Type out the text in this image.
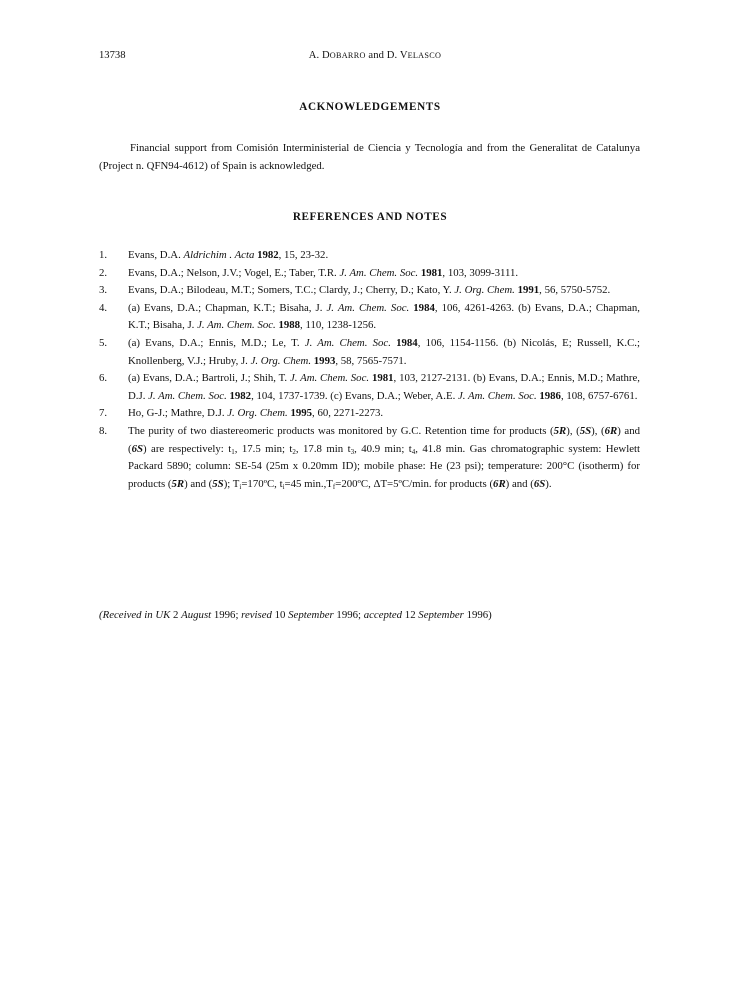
13738	A. DOBARRO and D. VELASCO
ACKNOWLEDGEMENTS

Financial support from Comisión Interministerial de Ciencia y Tecnología and from the Generalitat de Catalunya (Project n. QFN94-4612) of Spain is acknowledged.

REFERENCES AND NOTES
1. Evans, D.A. Aldrichim . Acta 1982, 15, 23-32.
2. Evans, D.A.; Nelson, J.V.; Vogel, E.; Taber, T.R. J. Am. Chem. Soc. 1981, 103, 3099-3111.
3. Evans, D.A.; Bilodeau, M.T.; Somers, T.C.; Clardy, J.; Cherry, D.; Kato, Y. J. Org. Chem. 1991, 56, 5750-5752.
4. (a) Evans, D.A.; Chapman, K.T.; Bisaha, J. J. Am. Chem. Soc. 1984, 106, 4261-4263. (b) Evans, D.A.; Chapman, K.T.; Bisaha, J. J. Am. Chem. Soc. 1988, 110, 1238-1256.
5. (a) Evans, D.A.; Ennis, M.D.; Le, T. J. Am. Chem. Soc. 1984, 106, 1154-1156. (b) Nicolás, E; Russell, K.C.; Knollenberg, V.J.; Hruby, J. J. Org. Chem. 1993, 58, 7565-7571.
6. (a) Evans, D.A.; Bartroli, J.; Shih, T. J. Am. Chem. Soc. 1981, 103, 2127-2131. (b) Evans, D.A.; Ennis, M.D.; Mathre, D.J. J. Am. Chem. Soc. 1982, 104, 1737-1739. (c) Evans, D.A.; Weber, A.E. J. Am. Chem. Soc. 1986, 108, 6757-6761.
7. Ho, G-J.; Mathre, D.J. J. Org. Chem. 1995, 60, 2271-2273.
8. The purity of two diastereomeric products was monitored by G.C. Retention time for products (5R), (5S), (6R) and (6S) are respectively: $t_1$, 17.5 min; $t_2$, 17.8 $\min t_3$, 40.9 min; $t_4$, 41.8 min. Gas chromatographic system: Hewlett Packard 5890; column: SE-54 (25m x 0.20mm ID); mobile phase: He (23 psi); temperature: 200°C (isotherm) for products (5R) and (5S); $T_i=170ºC$, $t_i=45$ $\min.,T_f=200ºC$, ΔT=5ºC/min. for products (6R) and (6S).
(Received in UK 2 August 1996; revised 10 September 1996; accepted 12 September 1996)
